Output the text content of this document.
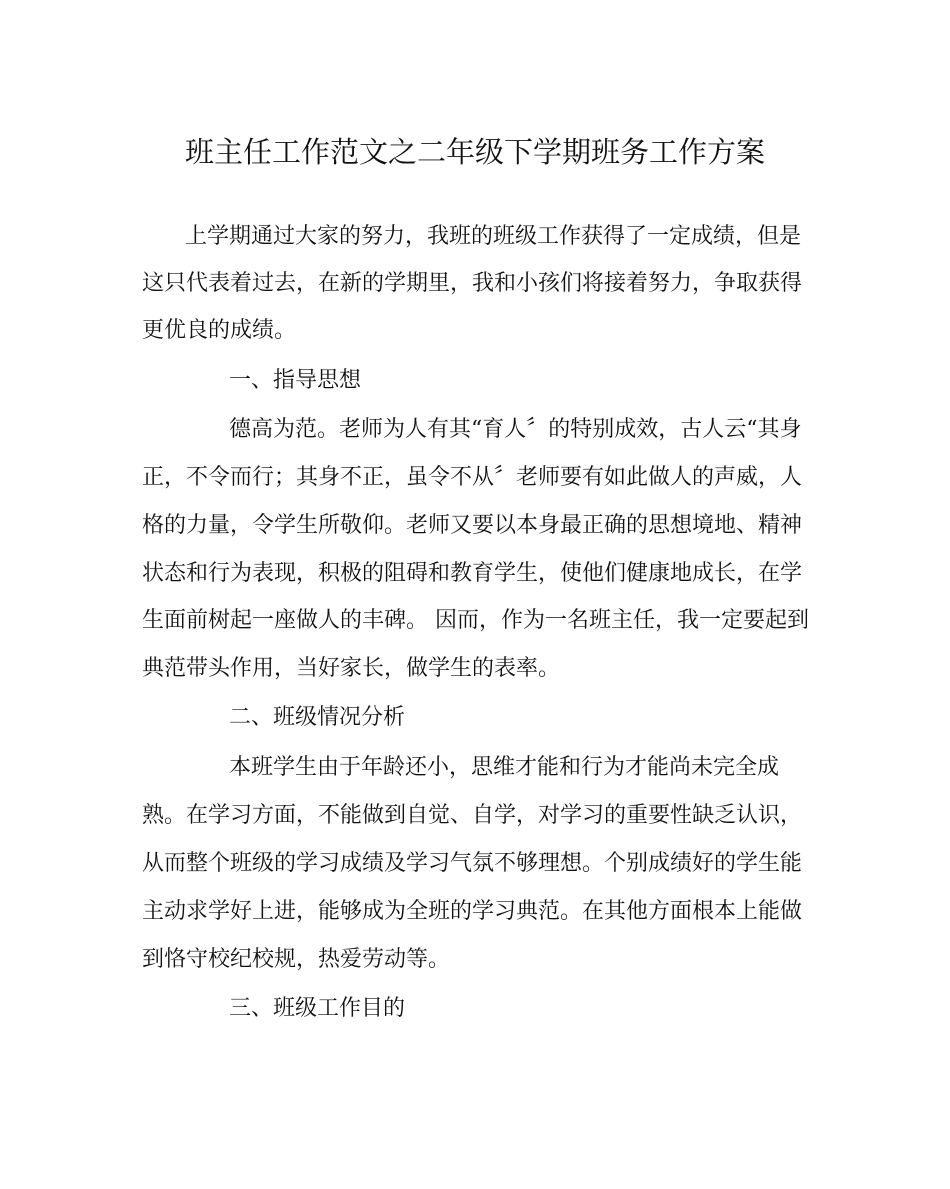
班主任工作范文之二年级下学期班务工作方案

上学期通过大家的努力，我班的班级工作获得了一定成绩，但是

这只代表着过去，在新的学期里，我和小孩们将接着努力，争取获得

更优良的成绩。

一、指导思想

德高为范。老师为人有其“育人〞的特别成效，古人云“其身

正，不令而行；其身不正，虽令不从〞老师要有如此做人的声威，人

格的力量，令学生所敬仰。老师又要以本身最正确的思想境地、精神

状态和行为表现，积极的阻碍和教育学生，使他们健康地成长，在学

生面前树起一座做人的丰碑。 因而，作为一名班主任，我一定要起到

典范带头作用，当好家长，做学生的表率。

二、班级情况分析

本班学生由于年龄还小，思维才能和行为才能尚未完全成

熟。在学习方面，不能做到自觉、自学，对学习的重要性缺乏认识，

从而整个班级的学习成绩及学习气氛不够理想。个别成绩好的学生能

主动求学好上进，能够成为全班的学习典范。在其他方面根本上能做

到恪守校纪校规，热爱劳动等。

三、班级工作目的
